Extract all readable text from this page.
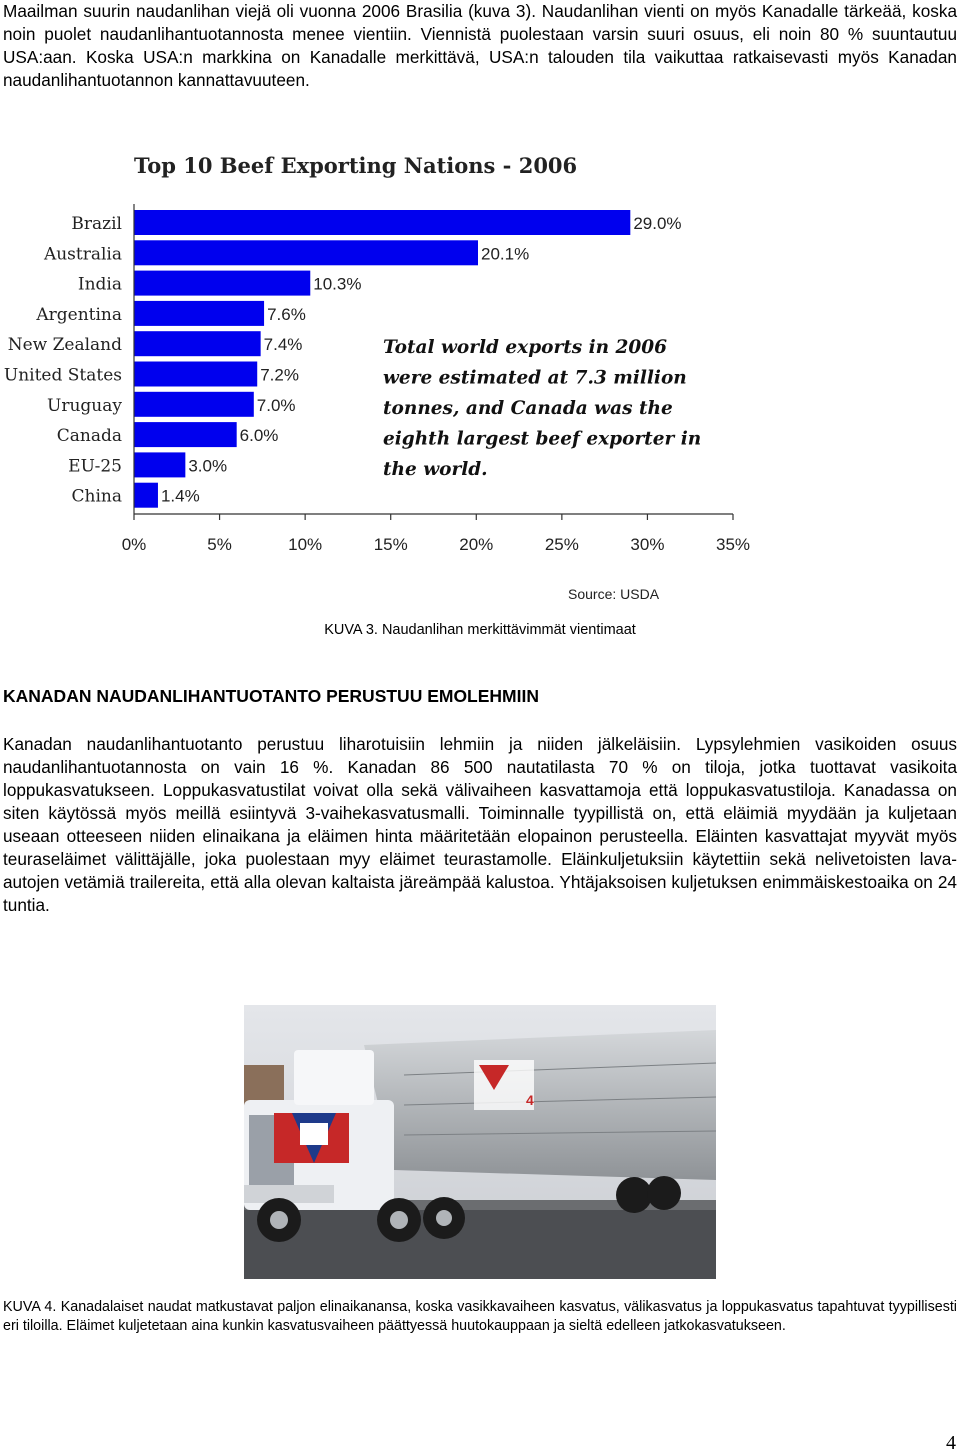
Maailman suurin naudanlihan viejä oli vuonna 2006 Brasilia (kuva 3). Naudanlihan vienti on myös Kanadalle tärkeää, koska noin puolet naudanlihantuotannosta menee vientiin. Viennistä puolestaan varsin suuri osuus, eli noin 80 % suuntautuu USA:aan. Koska USA:n markkina on Kanadalle merkittävä, USA:n talouden tila vaikuttaa ratkaisevasti myös Kanadan naudanlihantuotannon kannattavuuteen.

Top 10 Beef Exporting Nations - 2006
Brazil	29.0%
Australia	20.1%
India	10.3%
Argentina	7.6%
New Zealand	7.4%
United States	7.2%
Uruguay	7.0%
Canada	6.0%
EU-25	3.0%
China 1.4%
0%	5%	10%	15%	20%	25%	30%	35%
Total world exports in 2006
were estimated at 7.3 million
tonnes, and Canada was the
eighth largest beef exporter in
the world.
Source: USDA
KUVA 3. Naudanlihan merkittävimmät vientimaat
KANADAN NAUDANLIHANTUOTANTO PERUSTUU EMOLEHMIIN

Kanadan naudanlihantuotanto perustuu liharotuisiin lehmiin ja niiden jälkeläisiin. Lypsylehmien vasikoiden osuus naudanlihantuotannosta on vain 16 %. Kanadan 86 500 nautatilasta 70 % on tiloja, jotka tuottavat vasikoita loppukasvatukseen. Loppukasvatustilat voivat olla sekä välivaiheen kasvattamoja että loppukasvatustiloja. Kanadassa on siten käytössä myös meillä esiintyvä 3-vaihekasvatusmalli. Toiminnalle tyypillistä on, että eläimiä myydään ja kuljetaan useaan otteeseen niiden elinaikana ja eläimen hinta määritetään elopainon perusteella. Eläinten kasvattajat myyvät myös teuraseläimet välittäjälle, joka puolestaan myy eläimet teurastamolle. Eläinkuljetuksiin käytettiin sekä nelivetoisten lava-autojen vetämiä trailereita, että alla olevan kaltaista järeämpää kalustoa. Yhtäjaksoisen kuljetuksen enimmäiskestoaika on 24 tuntia.

4

KUVA 4. Kanadalaiset naudat matkustavat paljon elinaikanansa, koska vasikkavaiheen kasvatus, välikasvatus ja loppukasvatus tapahtuvat tyypillisesti eri tiloilla. Eläimet kuljetetaan aina kunkin kasvatusvaiheen päättyessä huutokauppaan ja sieltä edelleen jatkokasvatukseen.

4
